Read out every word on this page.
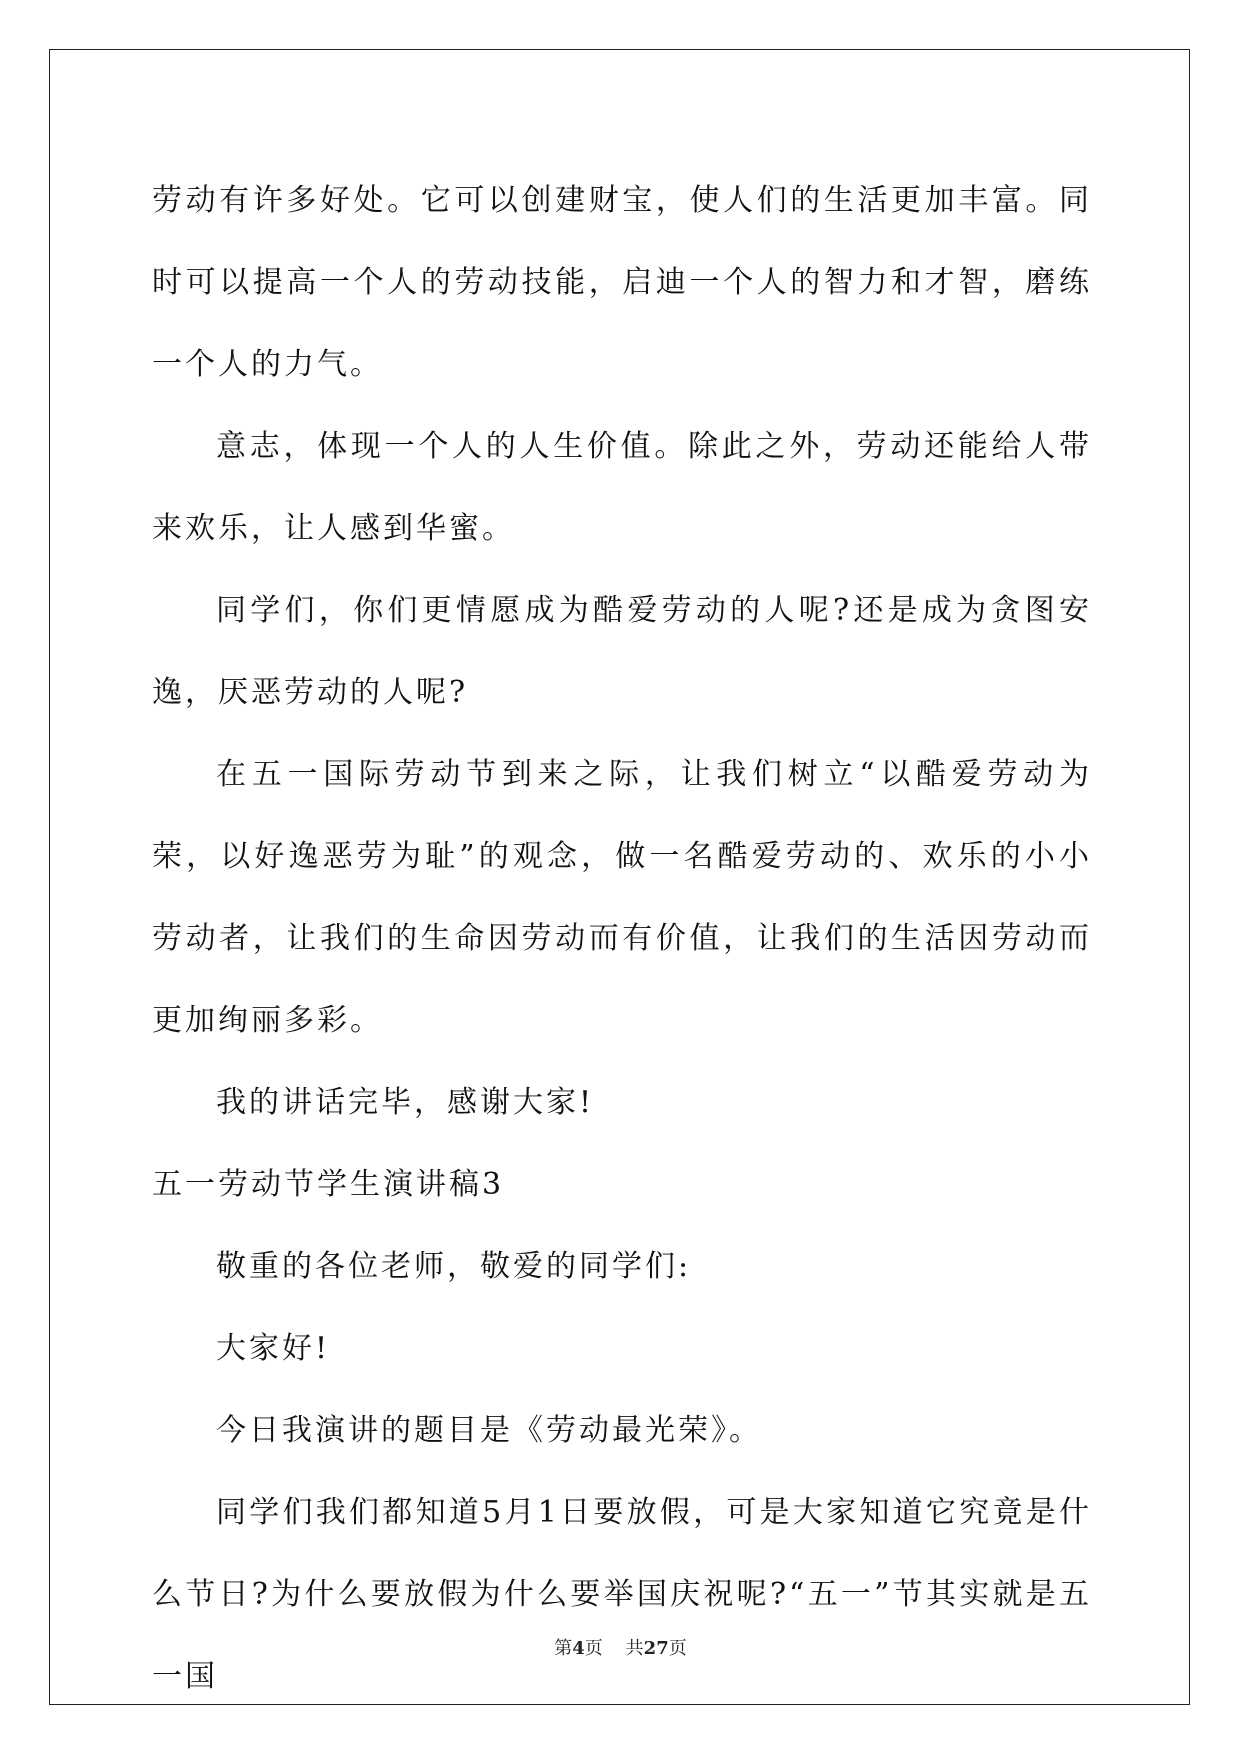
劳动有许多好处。它可以创建财宝，使人们的生活更加丰富。同时可以提高一个人的劳动技能，启迪一个人的智力和才智，磨练一个人的力气。

意志，体现一个人的人生价值。除此之外，劳动还能给人带来欢乐，让人感到华蜜。

同学们，你们更情愿成为酷爱劳动的人呢?还是成为贪图安逸，厌恶劳动的人呢?

在五一国际劳动节到来之际，让我们树立“以酷爱劳动为荣，以好逸恶劳为耻”的观念，做一名酷爱劳动的、欢乐的小小劳动者，让我们的生命因劳动而有价值，让我们的生活因劳动而更加绚丽多彩。

我的讲话完毕，感谢大家!

五一劳动节学生演讲稿3

敬重的各位老师，敬爱的同学们:

大家好!

今日我演讲的题目是《劳动最光荣》。

同学们我们都知道5月1日要放假，可是大家知道它究竟是什么节日?为什么要放假为什么要举国庆祝呢?“五一”节其实就是五一国

第4页 共27页
